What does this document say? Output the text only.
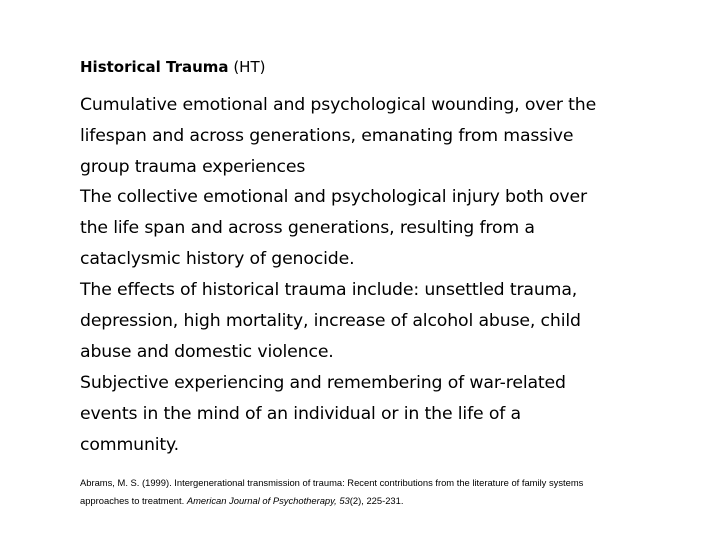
Historical Trauma (HT)
Cumulative emotional and psychological wounding, over the
lifespan and across generations, emanating from massive
group trauma experiences
The collective emotional and psychological injury both over
the life span and across generations, resulting from a
cataclysmic history of genocide.
The effects of historical trauma include: unsettled trauma,
depression, high mortality, increase of alcohol abuse, child
abuse and domestic violence.
Subjective experiencing and remembering of war-related
events in the mind of an individual or in the life of a
community.
Abrams, M. S. (1999). Intergenerational transmission of trauma: Recent contributions from the literature of family systems
approaches to treatment. American Journal of Psychotherapy, 53(2), 225-231.
